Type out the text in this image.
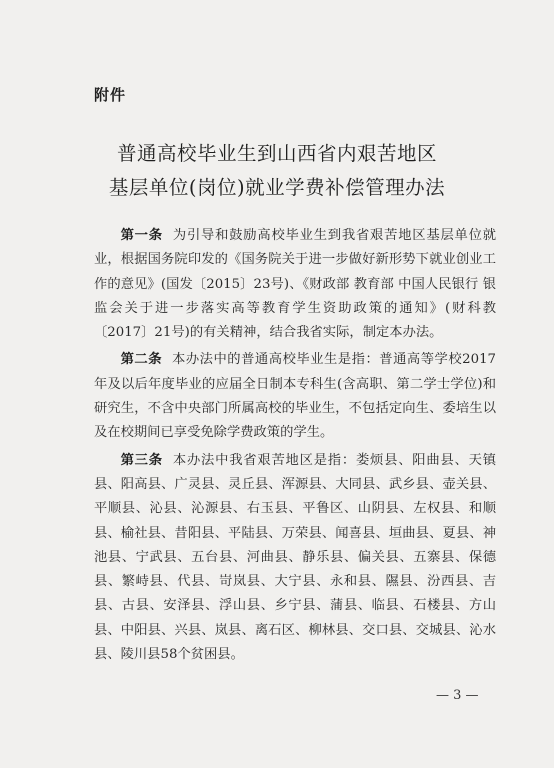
附件
普通高校毕业生到山西省内艰苦地区
基层单位(岗位)就业学费补偿管理办法

第一条 为引导和鼓励高校毕业生到我省艰苦地区基层单位就业，根据国务院印发的《国务院关于进一步做好新形势下就业创业工作的意见》(国发〔2015〕23号)、《财政部 教育部 中国人民银行 银监会关于进一步落实高等教育学生资助政策的通知》(财科教〔2017〕21号)的有关精神，结合我省实际，制定本办法。

第二条 本办法中的普通高校毕业生是指：普通高等学校2017年及以后年度毕业的应届全日制本专科生(含高职、第二学士学位)和研究生，不含中央部门所属高校的毕业生，不包括定向生、委培生以及在校期间已享受免除学费政策的学生。

第三条 本办法中我省艰苦地区是指：娄烦县、阳曲县、天镇县、阳高县、广灵县、灵丘县、浑源县、大同县、武乡县、壶关县、平顺县、沁县、沁源县、右玉县、平鲁区、山阴县、左权县、和顺县、榆社县、昔阳县、平陆县、万荣县、闻喜县、垣曲县、夏县、神池县、宁武县、五台县、河曲县、静乐县、偏关县、五寨县、保德县、繁峙县、代县、岢岚县、大宁县、永和县、隰县、汾西县、吉县、古县、安泽县、浮山县、乡宁县、蒲县、临县、石楼县、方山县、中阳县、兴县、岚县、离石区、柳林县、交口县、交城县、沁水县、陵川县58个贫困县。

— 3 —
